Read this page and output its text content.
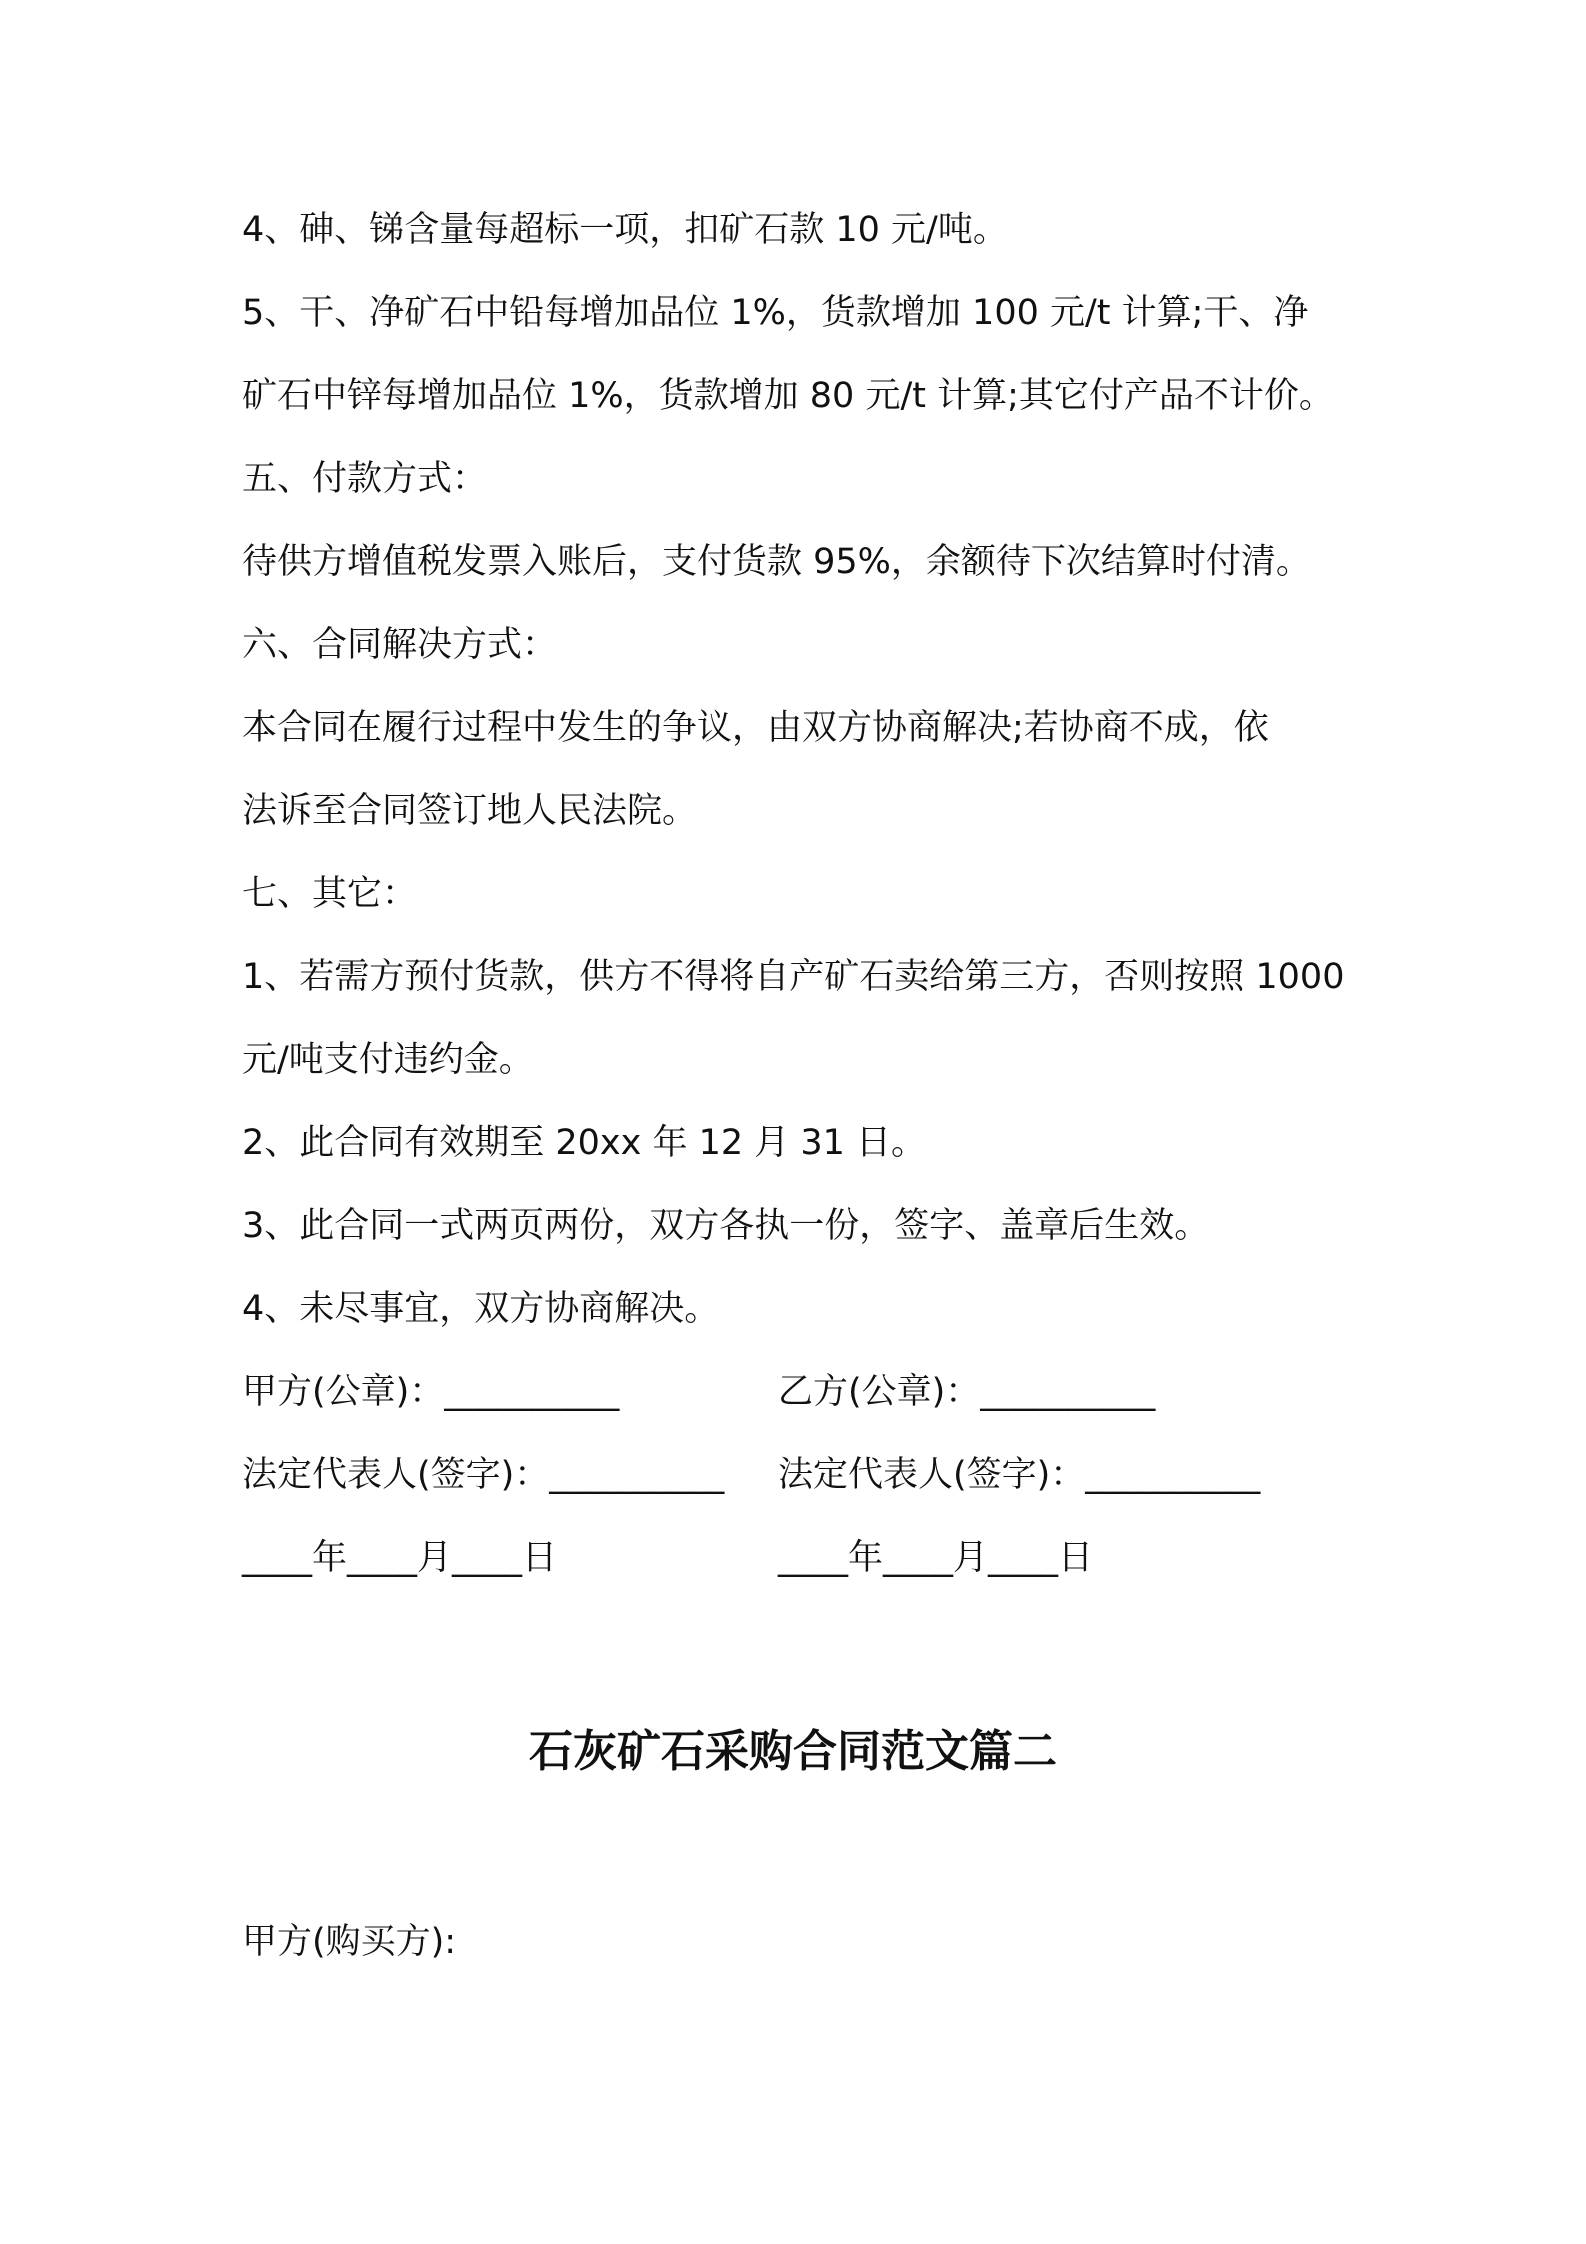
4、砷、锑含量每超标一项，扣矿石款 10 元/吨。
5、干、净矿石中铅每增加品位 1%，货款增加 100 元/t 计算;干、净
矿石中锌每增加品位 1%，货款增加 80 元/t 计算;其它付产品不计价。
五、付款方式：
待供方增值税发票入账后，支付货款 95%，余额待下次结算时付清。
六、合同解决方式：
本合同在履行过程中发生的争议，由双方协商解决;若协商不成，依
法诉至合同签订地人民法院。
七、其它：
1、若需方预付货款，供方不得将自产矿石卖给第三方，否则按照 1000
元/吨支付违约金。
2、此合同有效期至 20xx 年 12 月 31 日。
3、此合同一式两页两份，双方各执一份，签字、盖章后生效。
4、未尽事宜，双方协商解决。
甲方(公章)：__________	乙方(公章)：__________
法定代表人(签字)：__________ 法定代表人(签字)：__________
____年____月____日	____年____月____日
石灰矿石采购合同范文篇二
甲方(购买方):
